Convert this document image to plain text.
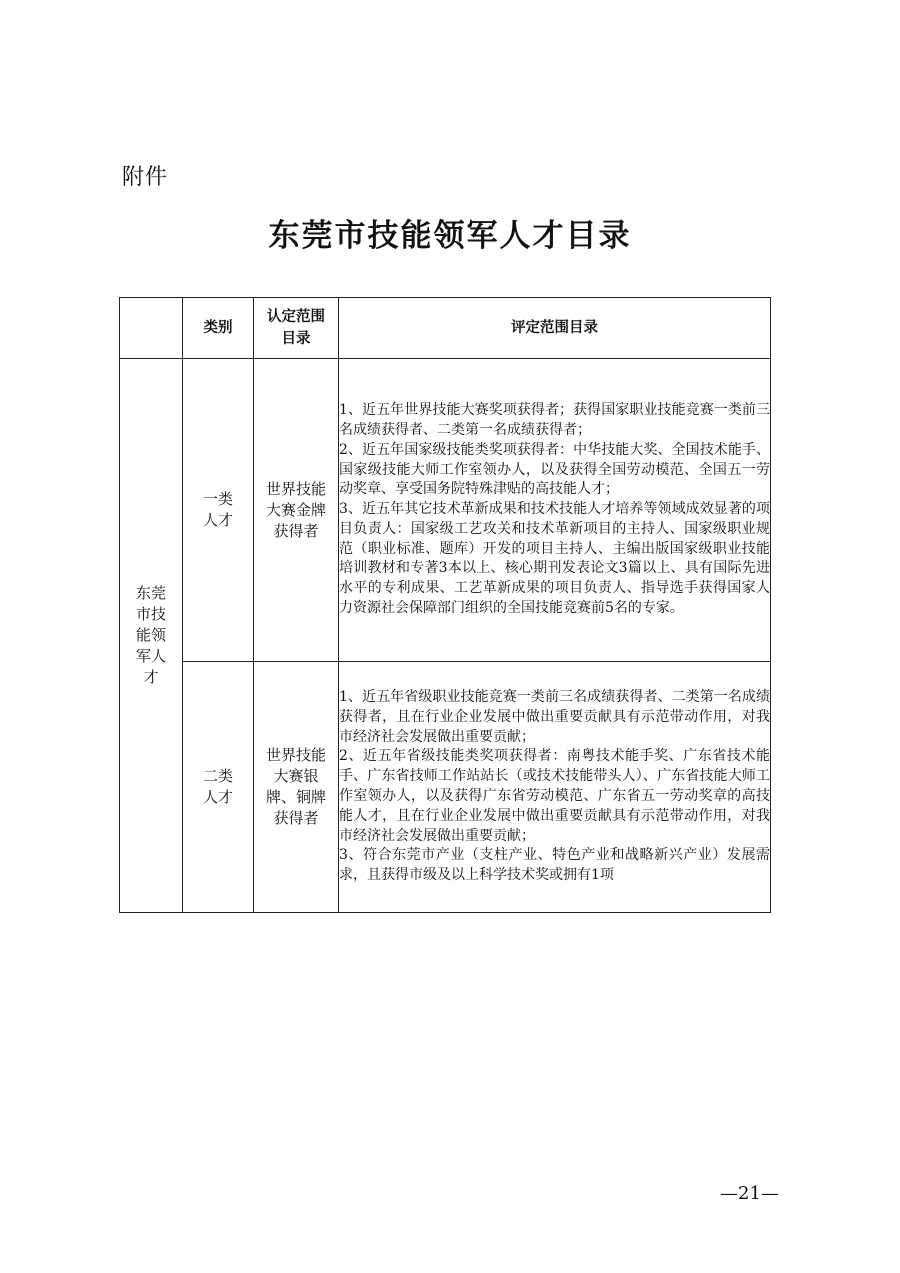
附件
东莞市技能领军人才目录
	类别	认定范围目录	评定范围目录
东莞市技能领军人才	一类人才	世界技能大赛金牌获得者	1、近五年世界技能大赛奖项获得者；获得国家职业技能竞赛一类前三名成绩获得者、二类第一名成绩获得者；

2、近五年国家级技能类奖项获得者：中华技能大奖、全国技术能手、国家级技能大师工作室领办人，以及获得全国劳动模范、全国五一劳动奖章、享受国务院特殊津贴的高技能人才；

3、近五年其它技术革新成果和技术技能人才培养等领域成效显著的项目负责人：国家级工艺攻关和技术革新项目的主持人、国家级职业规范（职业标准、题库）开发的项目主持人、主编出版国家级职业技能培训教材和专著3本以上、核心期刊发表论文3篇以上、具有国际先进水平的专利成果、工艺革新成果的项目负责人、指导选手获得国家人力资源社会保障部门组织的全国技能竞赛前5名的专家。

	二类人才	世界技能大赛银牌、铜牌获得者	1、近五年省级职业技能竞赛一类前三名成绩获得者、二类第一名成绩获得者，且在行业企业发展中做出重要贡献具有示范带动作用，对我市经济社会发展做出重要贡献；

2、近五年省级技能类奖项获得者：南粤技术能手奖、广东省技术能手、广东省技师工作站站长（或技术技能带头人）、广东省技能大师工作室领办人，以及获得广东省劳动模范、广东省五一劳动奖章的高技能人才，且在行业企业发展中做出重要贡献具有示范带动作用，对我市经济社会发展做出重要贡献；

3、符合东莞市产业（支柱产业、特色产业和战略新兴产业）发展需求，且获得市级及以上科学技术奖或拥有1项

—21—
